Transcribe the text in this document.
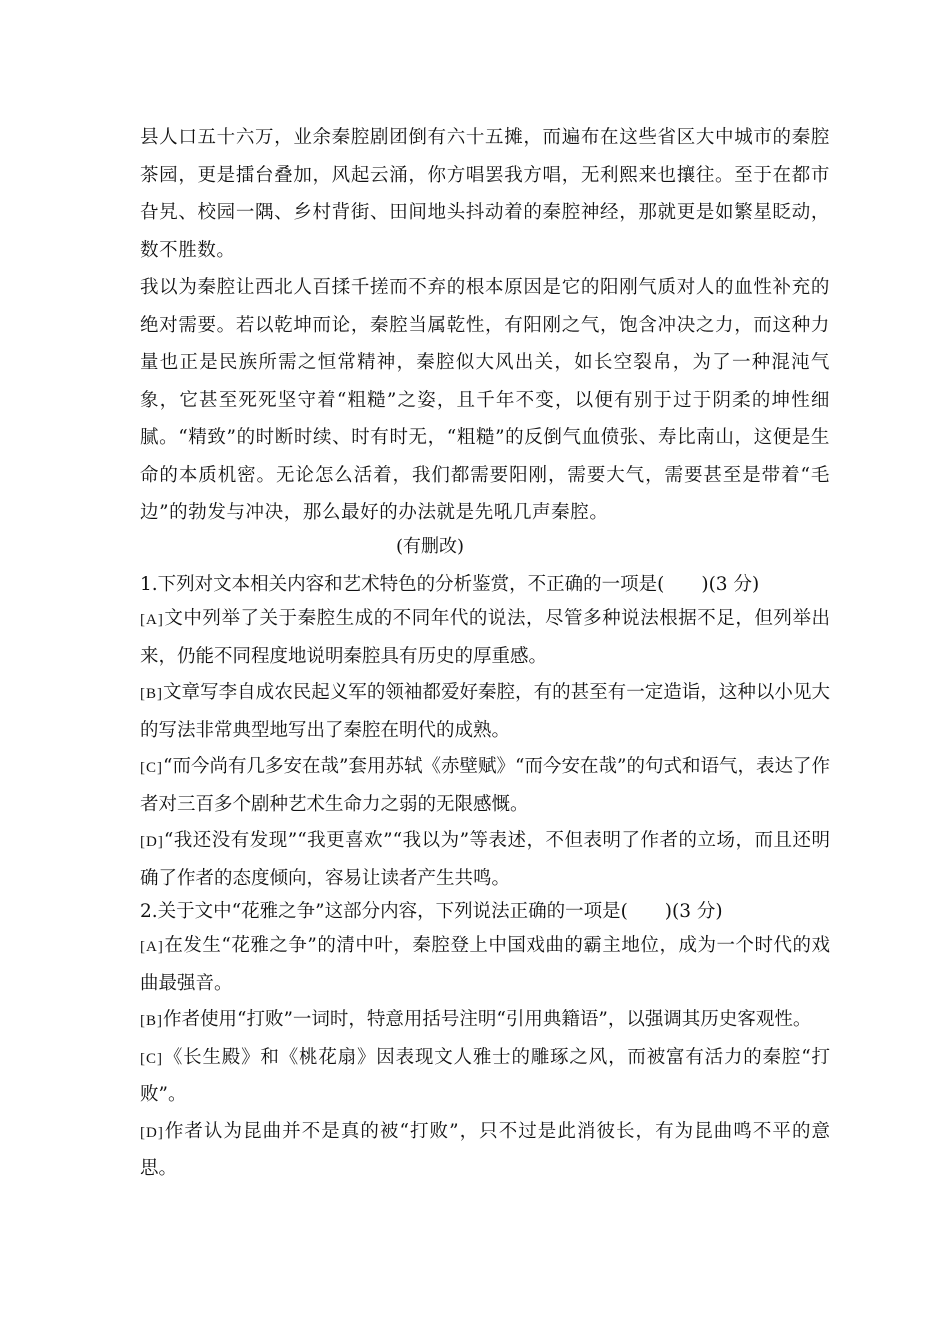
县人口五十六万，业余秦腔剧团倒有六十五摊，而遍布在这些省区大中城市的秦腔茶园，更是擂台叠加，风起云涌，你方唱罢我方唱，无利熙来也攘往。至于在都市旮旯、校园一隅、乡村背街、田间地头抖动着的秦腔神经，那就更是如繁星眨动，数不胜数。

我以为秦腔让西北人百揉千搓而不弃的根本原因是它的阳刚气质对人的血性补充的绝对需要。若以乾坤而论，秦腔当属乾性，有阳刚之气，饱含冲决之力，而这种力量也正是民族所需之恒常精神，秦腔似大风出关，如长空裂帛，为了一种混沌气象，它甚至死死坚守着“粗糙”之姿，且千年不变，以便有别于过于阴柔的坤性细腻。“精致”的时断时续、时有时无，“粗糙”的反倒气血偾张、寿比南山，这便是生命的本质机密。无论怎么活着，我们都需要阳刚，需要大气，需要甚至是带着“毛边”的勃发与冲决，那么最好的办法就是先吼几声秦腔。

(有删改)

1.下列对文本相关内容和艺术特色的分析鉴赏，不正确的一项是(　　)(3 分)

[A]文中列举了关于秦腔生成的不同年代的说法，尽管多种说法根据不足，但列举出来，仍能不同程度地说明秦腔具有历史的厚重感。

[B]文章写李自成农民起义军的领袖都爱好秦腔，有的甚至有一定造诣，这种以小见大的写法非常典型地写出了秦腔在明代的成熟。

[C]“而今尚有几多安在哉”套用苏轼《赤壁赋》“而今安在哉”的句式和语气，表达了作者对三百多个剧种艺术生命力之弱的无限感慨。

[D]“我还没有发现”“我更喜欢”“我以为”等表述，不但表明了作者的立场，而且还明确了作者的态度倾向，容易让读者产生共鸣。

2.关于文中“花雅之争”这部分内容，下列说法正确的一项是(　　)(3 分)

[A]在发生“花雅之争”的清中叶，秦腔登上中国戏曲的霸主地位，成为一个时代的戏曲最强音。

[B]作者使用“打败”一词时，特意用括号注明“引用典籍语”，以强调其历史客观性。

[C]《长生殿》和《桃花扇》因表现文人雅士的雕琢之风，而被富有活力的秦腔“打败”。

[D]作者认为昆曲并不是真的被“打败”，只不过是此消彼长，有为昆曲鸣不平的意思。
